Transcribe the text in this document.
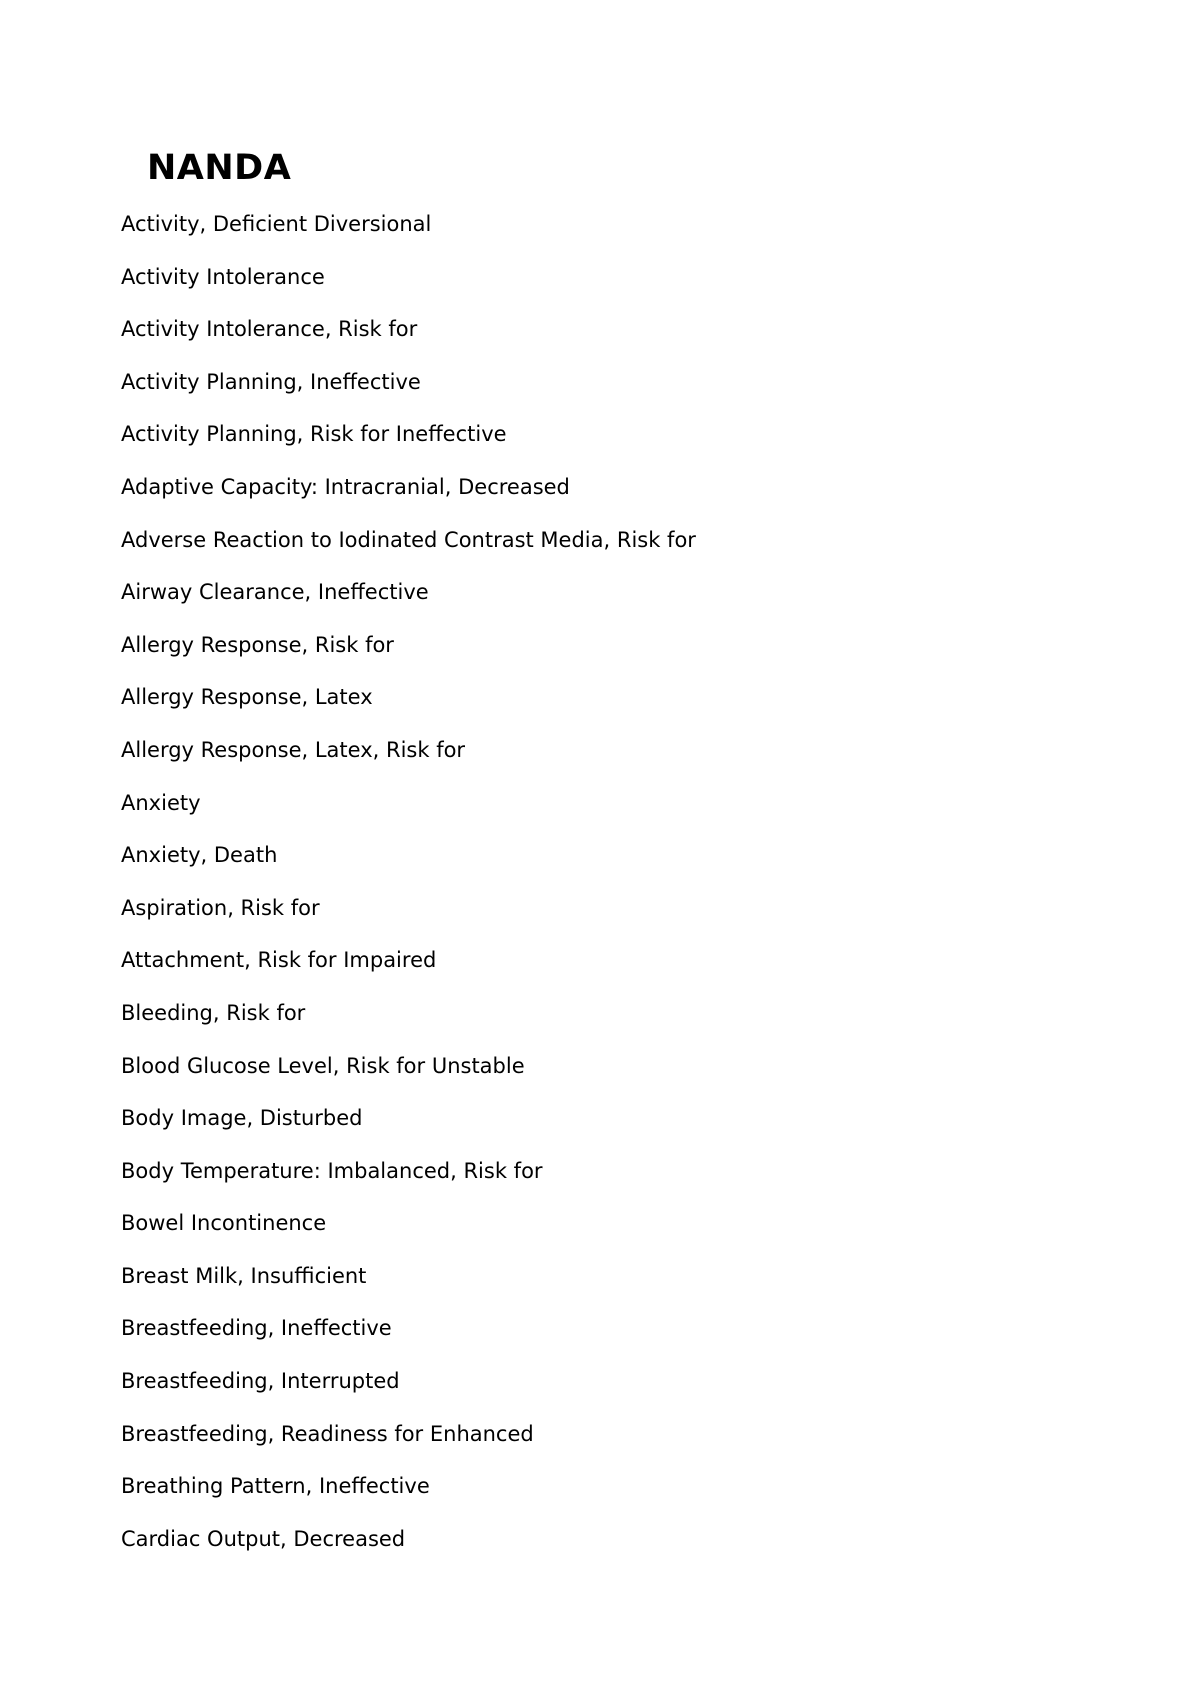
NANDA
Activity, Deficient Diversional
Activity Intolerance
Activity Intolerance, Risk for
Activity Planning, Ineffective
Activity Planning, Risk for Ineffective
Adaptive Capacity: Intracranial, Decreased
Adverse Reaction to Iodinated Contrast Media, Risk for
Airway Clearance, Ineffective
Allergy Response, Risk for
Allergy Response, Latex
Allergy Response, Latex, Risk for
Anxiety
Anxiety, Death
Aspiration, Risk for
Attachment, Risk for Impaired
Bleeding, Risk for
Blood Glucose Level, Risk for Unstable
Body Image, Disturbed
Body Temperature: Imbalanced, Risk for
Bowel Incontinence
Breast Milk, Insufficient
Breastfeeding, Ineffective
Breastfeeding, Interrupted
Breastfeeding, Readiness for Enhanced
Breathing Pattern, Ineffective
Cardiac Output, Decreased
